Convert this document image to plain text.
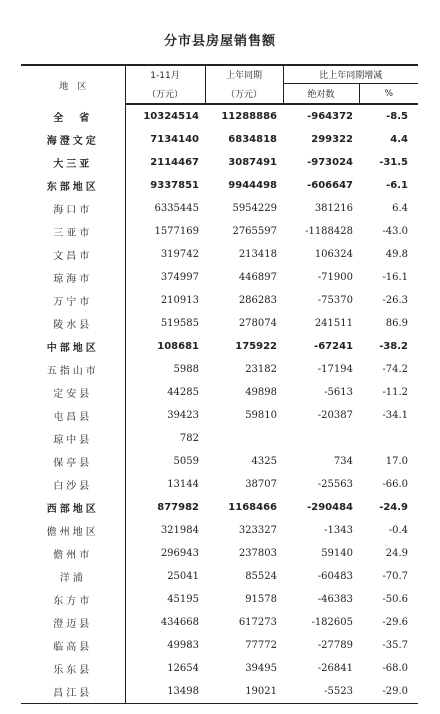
分市县房屋销售额
地　区	1-11月	上年同期	比上年同期增减	
	（万元）	（万元）	绝对数	%
全　省	10324514	11288886	-964372	-8.5
海澄文定	7134140	6834818	299322	4.4
大三亚	2114467	3087491	-973024	-31.5
东部地区	9337851	9944498	-606647	-6.1
海口市	6335445	5954229	381216	6.4
三亚市	1577169	2765597	-1188428	-43.0
文昌市	319742	213418	106324	49.8
琼海市	374997	446897	-71900	-16.1
万宁市	210913	286283	-75370	-26.3
陵水县	519585	278074	241511	86.9
中部地区	108681	175922	-67241	-38.2
五指山市	5988	23182	-17194	-74.2
定安县	44285	49898	-5613	-11.2
屯昌县	39423	59810	-20387	-34.1
琼中县	782			
保亭县	5059	4325	734	17.0
白沙县	13144	38707	-25563	-66.0
西部地区	877982	1168466	-290484	-24.9
儋州地区	321984	323327	-1343	-0.4
儋州市	296943	237803	59140	24.9
洋浦	25041	85524	-60483	-70.7
东方市	45195	91578	-46383	-50.6
澄迈县	434668	617273	-182605	-29.6
临高县	49983	77772	-27789	-35.7
乐东县	12654	39495	-26841	-68.0
昌江县	13498	19021	-5523	-29.0
